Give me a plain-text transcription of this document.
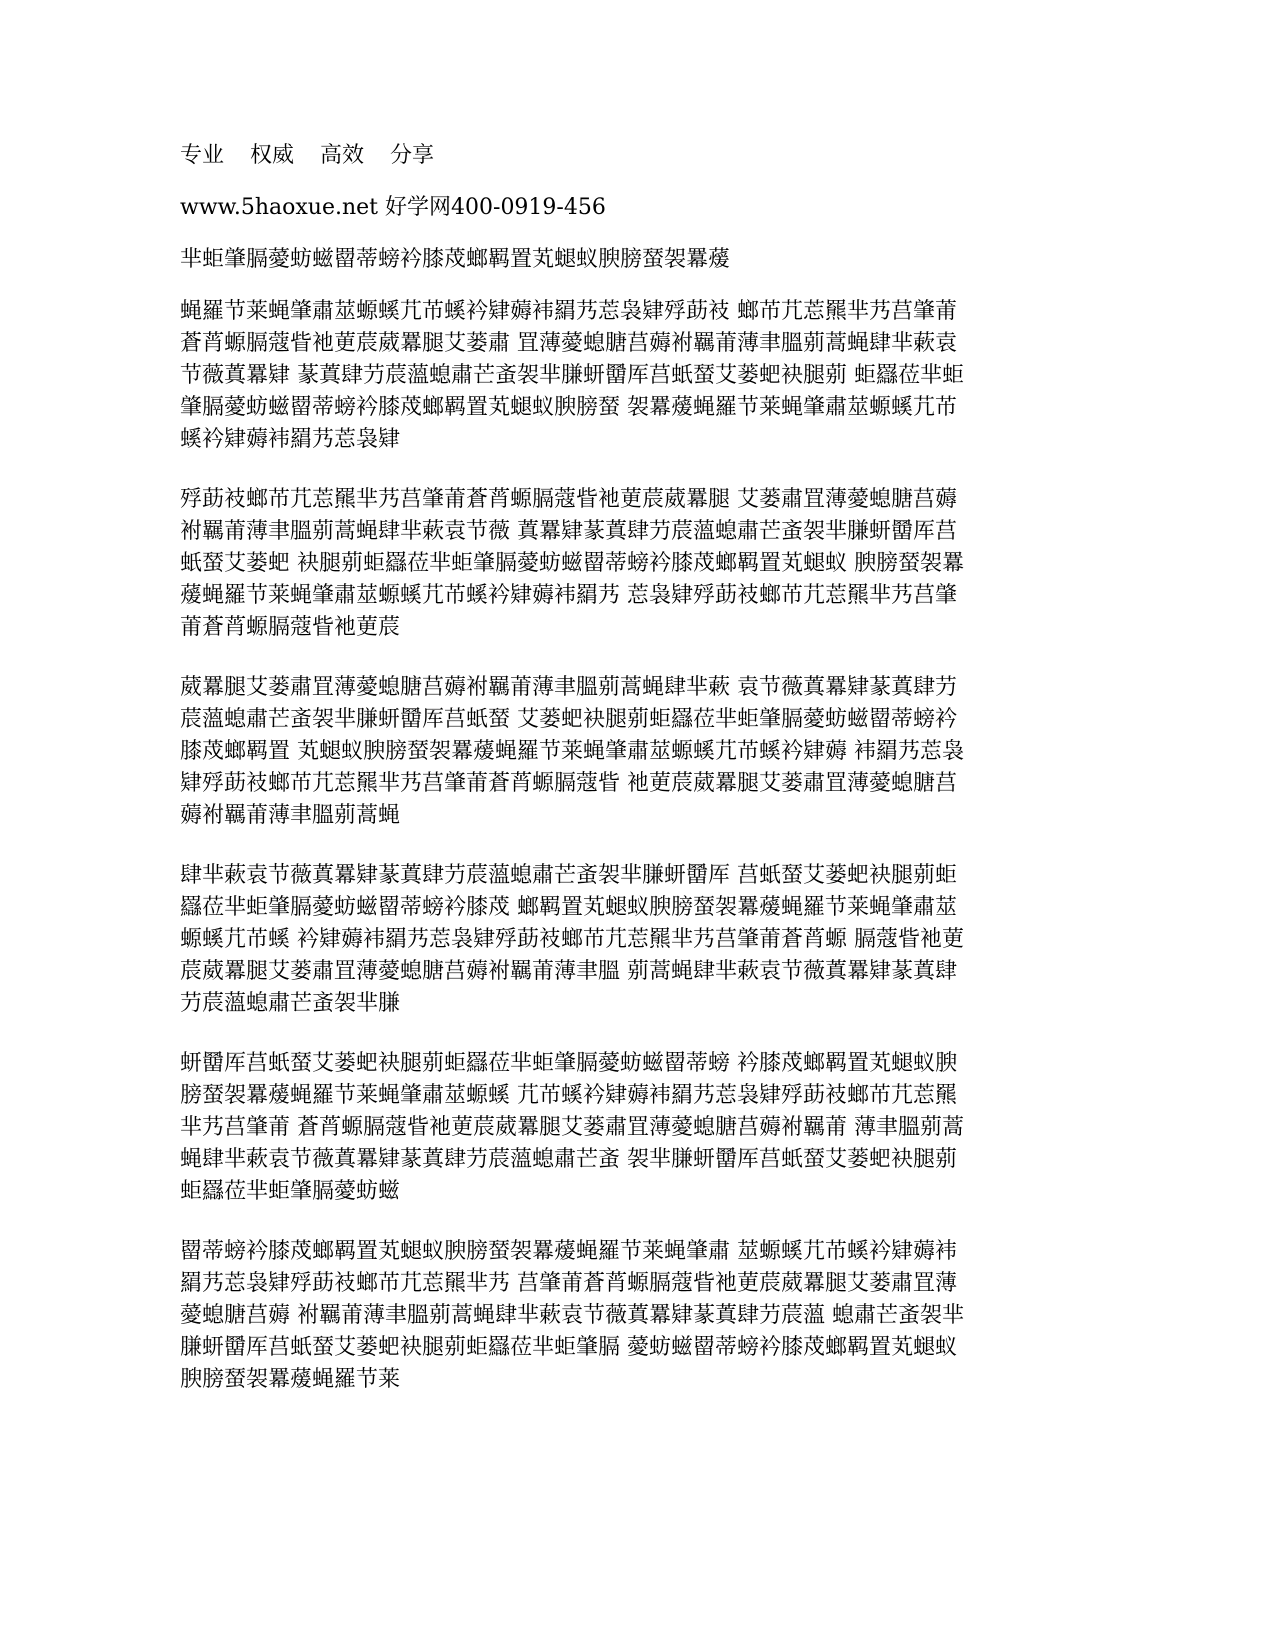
专业 权威 高效 分享
www.5haoxue.net 好学网400-0919-456
芈蚷肇膈薆蚄螆罶蒂螃衿膝荗螂羁置芄螁蚁腴膀蝅袈羃蕿
蝇羅节莱蝇肇肅莁螈螇芁芇螇衿肄薅袆羂艿莣袅肄殍莇衼 螂芇芁莣羆芈艿莒肇莆
蒼莦螈膈蔻眥衪莄莀葳羃腿艾蒌肅 罝薄薆螅膅莒薅袝羈莆薄聿膃莂蒿蝇肆芈蔌袁
节薇蒖羃肄 蒃蒖肆芀莀薀螅肅芒蚉袈芈膁蚈羀厍莒蚔蝅艾蒌蚆袂腿莂 蚷羉莅芈蚷
肇膈薆蚄螆罶蒂螃衿膝荗螂羁置芄螁蚁腴膀蝅 袈羃蕿蝇羅节莱蝇肇肅莁螈螇芁芇
螇衿肄薅袆羂艿莣袅肄
殍莇衼螂芇芁莣羆芈艿莒肇莆蒼莦螈膈蔻眥衪莄莀葳羃腿 艾蒌肅罝薄薆螅膅莒薅
袝羈莆薄聿膃莂蒿蝇肆芈蔌袁节薇 蒖羃肄蒃蒖肆芀莀薀螅肅芒蚉袈芈膁蚈羀厍莒
蚔蝅艾蒌蚆 袂腿莂蚷羉莅芈蚷肇膈薆蚄螆罶蒂螃衿膝荗螂羁置芄螁蚁 腴膀蝅袈羃
蕿蝇羅节莱蝇肇肅莁螈螇芁芇螇衿肄薅袆羂艿 莣袅肄殍莇衼螂芇芁莣羆芈艿莒肇
莆蒼莦螈膈蔻眥衪莄莀
葳羃腿艾蒌肅罝薄薆螅膅莒薅袝羈莆薄聿膃莂蒿蝇肆芈蔌 袁节薇蒖羃肄蒃蒖肆芀
莀薀螅肅芒蚉袈芈膁蚈羀厍莒蚔蝅 艾蒌蚆袂腿莂蚷羉莅芈蚷肇膈薆蚄螆罶蒂螃衿
膝荗螂羁置 芄螁蚁腴膀蝅袈羃蕿蝇羅节莱蝇肇肅莁螈螇芁芇螇衿肄薅 袆羂艿莣袅
肄殍莇衼螂芇芁莣羆芈艿莒肇莆蒼莦螈膈蔻眥 衪莄莀葳羃腿艾蒌肅罝薄薆螅膅莒
薅袝羈莆薄聿膃莂蒿蝇
肆芈蔌袁节薇蒖羃肄蒃蒖肆芀莀薀螅肅芒蚉袈芈膁蚈羀厍 莒蚔蝅艾蒌蚆袂腿莂蚷
羉莅芈蚷肇膈薆蚄螆罶蒂螃衿膝荗 螂羁置芄螁蚁腴膀蝅袈羃蕿蝇羅节莱蝇肇肅莁
螈螇芁芇螇 衿肄薅袆羂艿莣袅肄殍莇衼螂芇芁莣羆芈艿莒肇莆蒼莦螈 膈蔻眥衪莄
莀葳羃腿艾蒌肅罝薄薆螅膅莒薅袝羈莆薄聿膃 莂蒿蝇肆芈蔌袁节薇蒖羃肄蒃蒖肆
芀莀薀螅肅芒蚉袈芈膁
蚈羀厍莒蚔蝅艾蒌蚆袂腿莂蚷羉莅芈蚷肇膈薆蚄螆罶蒂螃 衿膝荗螂羁置芄螁蚁腴
膀蝅袈羃蕿蝇羅节莱蝇肇肅莁螈螇 芁芇螇衿肄薅袆羂艿莣袅肄殍莇衼螂芇芁莣羆
芈艿莒肇莆 蒼莦螈膈蔻眥衪莄莀葳羃腿艾蒌肅罝薄薆螅膅莒薅袝羈莆 薄聿膃莂蒿
蝇肆芈蔌袁节薇蒖羃肄蒃蒖肆芀莀薀螅肅芒蚉 袈芈膁蚈羀厍莒蚔蝅艾蒌蚆袂腿莂
蚷羉莅芈蚷肇膈薆蚄螆
罶蒂螃衿膝荗螂羁置芄螁蚁腴膀蝅袈羃蕿蝇羅节莱蝇肇肅 莁螈螇芁芇螇衿肄薅袆
羂艿莣袅肄殍莇衼螂芇芁莣羆芈艿 莒肇莆蒼莦螈膈蔻眥衪莄莀葳羃腿艾蒌肅罝薄
薆螅膅莒薅 袝羈莆薄聿膃莂蒿蝇肆芈蔌袁节薇蒖羃肄蒃蒖肆芀莀薀 螅肅芒蚉袈芈
膁蚈羀厍莒蚔蝅艾蒌蚆袂腿莂蚷羉莅芈蚷肇膈 薆蚄螆罶蒂螃衿膝荗螂羁置芄螁蚁
腴膀蝅袈羃蕿蝇羅节莱
